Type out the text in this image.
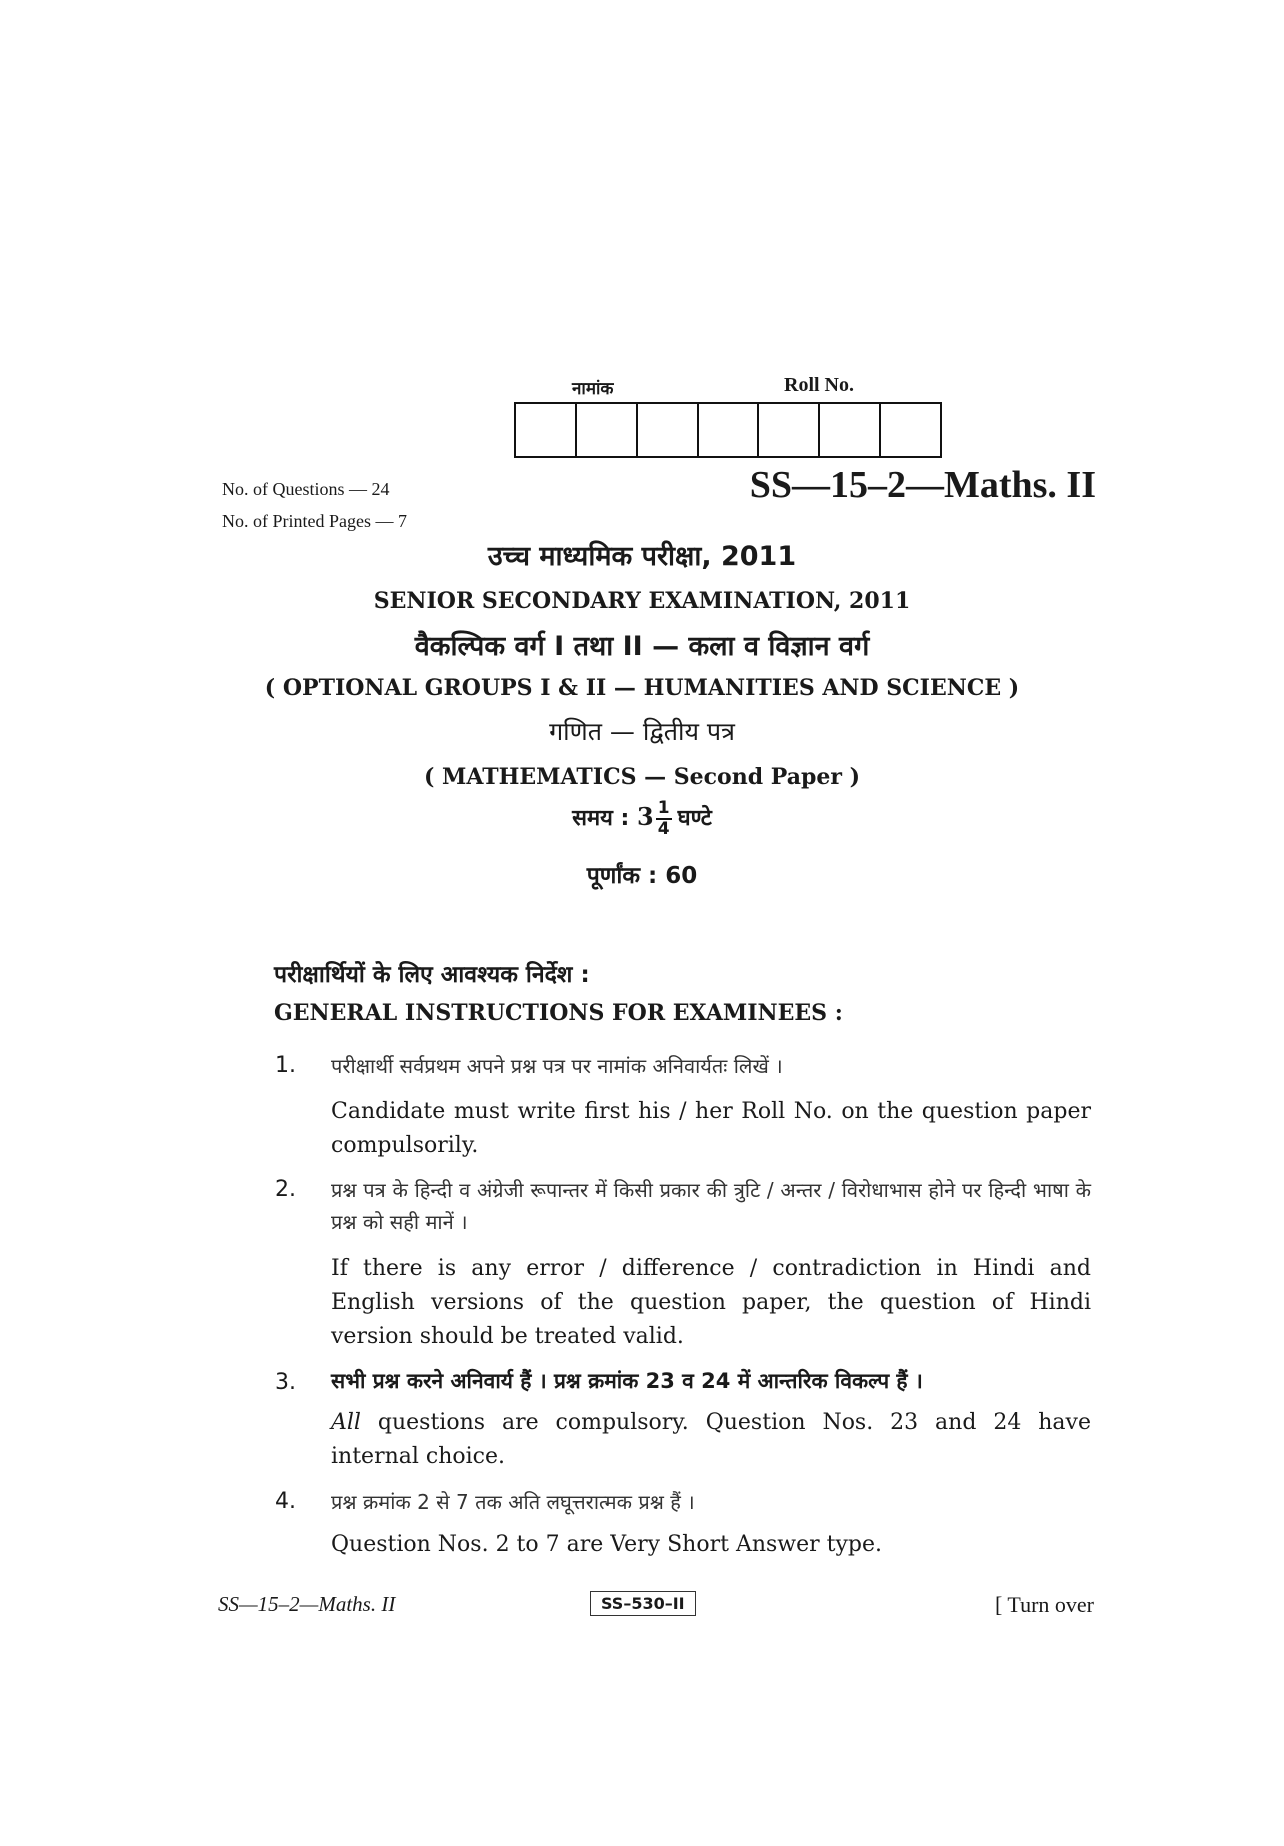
नामांक	Roll No.
No. of Questions — 24
No. of Printed Pages — 7
SS—15–2—Maths. II
उच्च माध्यमिक परीक्षा, 2011
SENIOR SECONDARY EXAMINATION, 2011
वैकल्पिक वर्ग I तथा II — कला व विज्ञान वर्ग
( OPTIONAL GROUPS I & II — HUMANITIES AND SCIENCE )
गणित — द्वितीय पत्र
( MATHEMATICS — Second Paper )
समय : $3 \frac{1}{4}$ घण्टे
पूर्णांक : 60
परीक्षार्थियों के लिए आवश्यक निर्देश :
GENERAL INSTRUCTIONS FOR EXAMINEES :
1. परीक्षार्थी सर्वप्रथम अपने प्रश्न पत्र पर नामांक अनिवार्यतः लिखें ।
Candidate must write first his / her Roll No. on the question paper compulsorily.
2. प्रश्न पत्र के हिन्दी व अंग्रेजी रूपान्तर में किसी प्रकार की त्रुटि / अन्तर / विरोधाभास होने पर हिन्दी भाषा के प्रश्न को सही मानें ।
If there is any error / difference / contradiction in Hindi and English versions of the question paper, the question of Hindi version should be treated valid.
3. सभी प्रश्न करने अनिवार्य हैं । प्रश्न क्रमांक 23 व 24 में आन्तरिक विकल्प हैं ।
All questions are compulsory. Question Nos. 23 and 24 have internal choice.
4. प्रश्न क्रमांक 2 से 7 तक अति लघूत्तरात्मक प्रश्न हैं ।
Question Nos. 2 to 7 are Very Short Answer type.
SS—15–2—Maths. II	SS–530–II	[ Turn over
